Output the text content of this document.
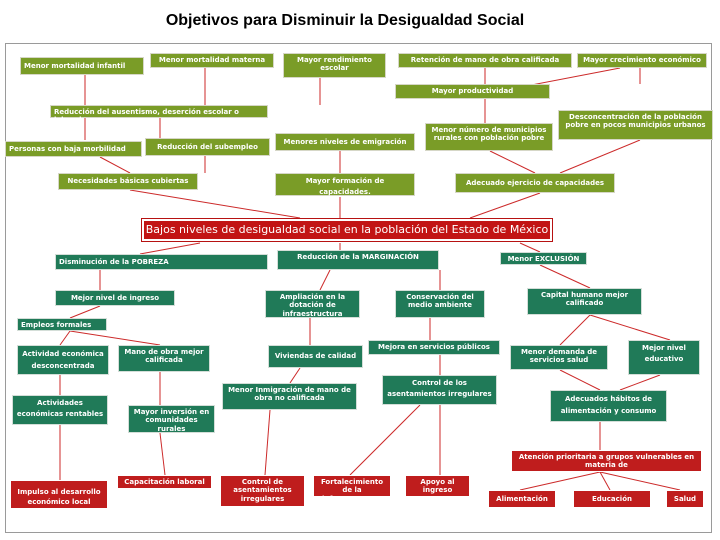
Objetivos para Disminuir la Desigualdad Social
Menor mortalidad infantil
Menor mortalidad materna	Mayor rendimiento escolar
Retención de mano de obra calificada	Mayor crecimiento económico
Mayor productividad
Reducción del ausentismo, deserción escolar o laboral
Personas con baja morbilidad	Reducción del subempleo
Menores niveles de emigración
Menor número de municipios rurales con población pobre
Desconcentración de la población pobre en pocos municipios urbanos
Necesidades básicas cubiertas	Mayor formación de capacidades.
Adecuado ejercicio de capacidades
Bajos niveles de desigualdad social en la población del Estado de México
Disminución de la POBREZA
Reducción de la MARGINACIÓN	Menor EXCLUSIÓN
Mejor nivel de ingreso	Ampliación en la dotación de infraestructura
Conservación del medio ambiente
Capital humano mejor calificado
Empleos formales
Actividad económica desconcentrada
Mano de obra mejor calificada
Viviendas de calidad
Mejora en servicios públicos
Menor demanda de servicios salud
Mejor nivel educativo
Actividades económicas rentables	Mayor inversión en comunidades rurales
Menor Inmigración de mano de obra no calificada
Control de los asentamientos irregulares
Adecuados hábitos de alimentación y consumo
Atención prioritaria a grupos vulnerables en materia de
Impulso al desarrollo económico local
Capacitación laboral	Control de asentamientos irregulares
Fortalecimiento de la infraestructura
Apoyo al ingreso
Alimentación	Educación	Salud
